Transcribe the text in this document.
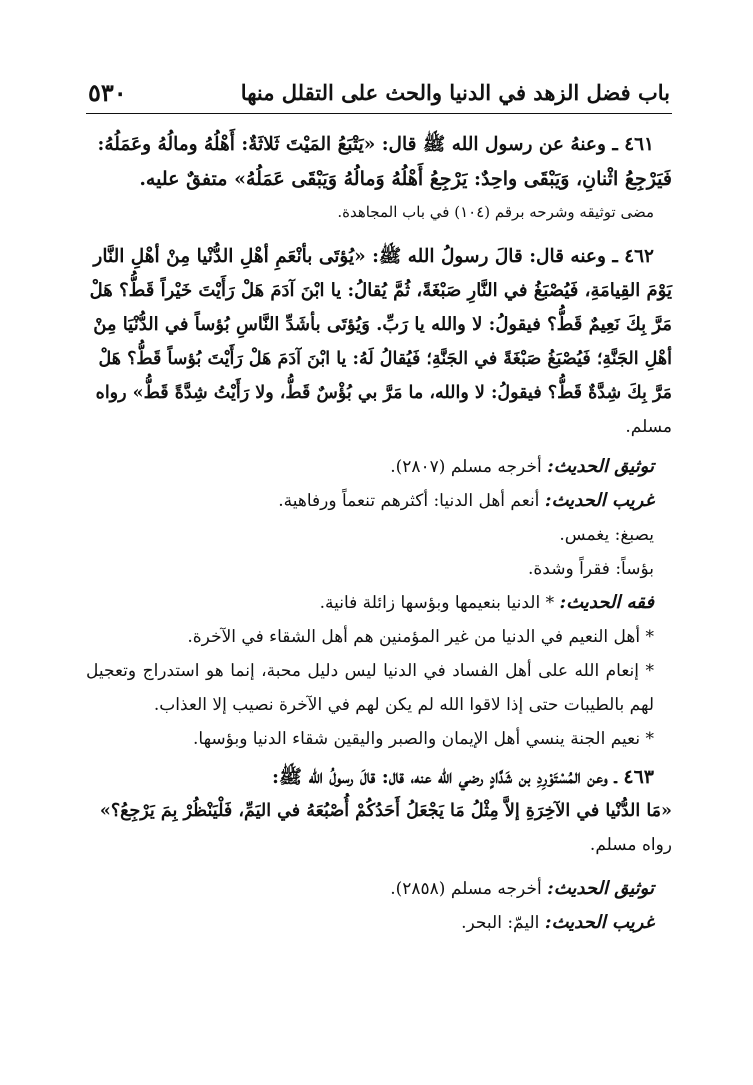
٥٣٠	باب فضل الزهد في الدنيا والحث على التقلل منها

٤٦١ ـ وعنهُ عن رسول الله ﷺ قال: «يَتْبَعُ المَيْتَ ثَلاثَةٌ: أَهْلُهُ ومالُهُ وعَمَلُهُ:

فَيَرْجِعُ اثْنانِ، وَيَبْقَى واحِدٌ: يَرْجِعُ أَهْلُهُ وَمالُهُ وَيَبْقَى عَمَلُهُ» متفقٌ عليه.

مضى توثيقه وشرحه برقم (١٠٤) في باب المجاهدة.

٤٦٢ ـ وعنه قال: قالَ رسولُ الله ﷺ: «يُؤتَى بأنْعَمِ أهْلِ الدُّنْيا مِنْ أهْلِ النَّار

يَوْمَ القِيامَةِ، فَيُصْبَغُ في النَّارِ صَبْغَةً، ثُمَّ يُقالُ: يا ابْنَ آدَمَ هَلْ رَأَيْتَ خَيْراً قَطُّ؟ هَلْ

مَرَّ بِكَ نَعِيمٌ قَطُّ؟ فيقولُ: لا والله يا رَبِّ. وَيُؤتَى بأشَدِّ النَّاسِ بُؤساً في الدُّنْيَا مِنْ

أهْلِ الجَنَّةِ؛ فَيُصْبَغُ صَبْغَةً في الجَنَّةِ؛ فَيُقالُ لَهُ: يا ابْنَ آدَمَ هَلْ رَأَيْتَ بُؤساً قَطُّ؟ هَلْ

مَرَّ بِكَ شِدَّةٌ قَطُّ؟ فيقولُ: لا والله، ما مَرَّ بي بُؤْسٌ قَطُّ، ولا رَأَيْتُ شِدَّةً قَطُّ» رواه

مسلم.

توثيق الحديث: أخرجه مسلم (٢٨٠٧).

غريب الحديث: أنعم أهل الدنيا: أكثرهم تنعماً ورفاهية.

يصبغ: يغمس.

بؤساً: فقراً وشدة.

فقه الحديث: * الدنيا بنعيمها وبؤسها زائلة فانية.

* أهل النعيم في الدنيا من غير المؤمنين هم أهل الشقاء في الآخرة.

* إنعام الله على أهل الفساد في الدنيا ليس دليل محبة، إنما هو استدراج وتعجيل لهم بالطيبات حتى إذا لاقوا الله لم يكن لهم في الآخرة نصيب إلا العذاب.

* نعيم الجنة ينسي أهل الإيمان والصبر واليقين شقاء الدنيا وبؤسها.

٤٦٣ ـ وعن المُسْتَوْرِدِ بن شَدَّادٍ رضي الله عنه، قال: قالَ رسولُ الله ﷺ:

«مَا الدُّنْيا في الآخِرَةِ إلاَّ مِثْلُ مَا يَجْعَلُ أَحَدُكُمْ أُصْبُعَهُ في اليَمِّ، فَلْيَنْظُرْ بِمَ يَرْجِعُ؟»

رواه مسلم.

توثيق الحديث: أخرجه مسلم (٢٨٥٨).

غريب الحديث: اليمّ: البحر.
